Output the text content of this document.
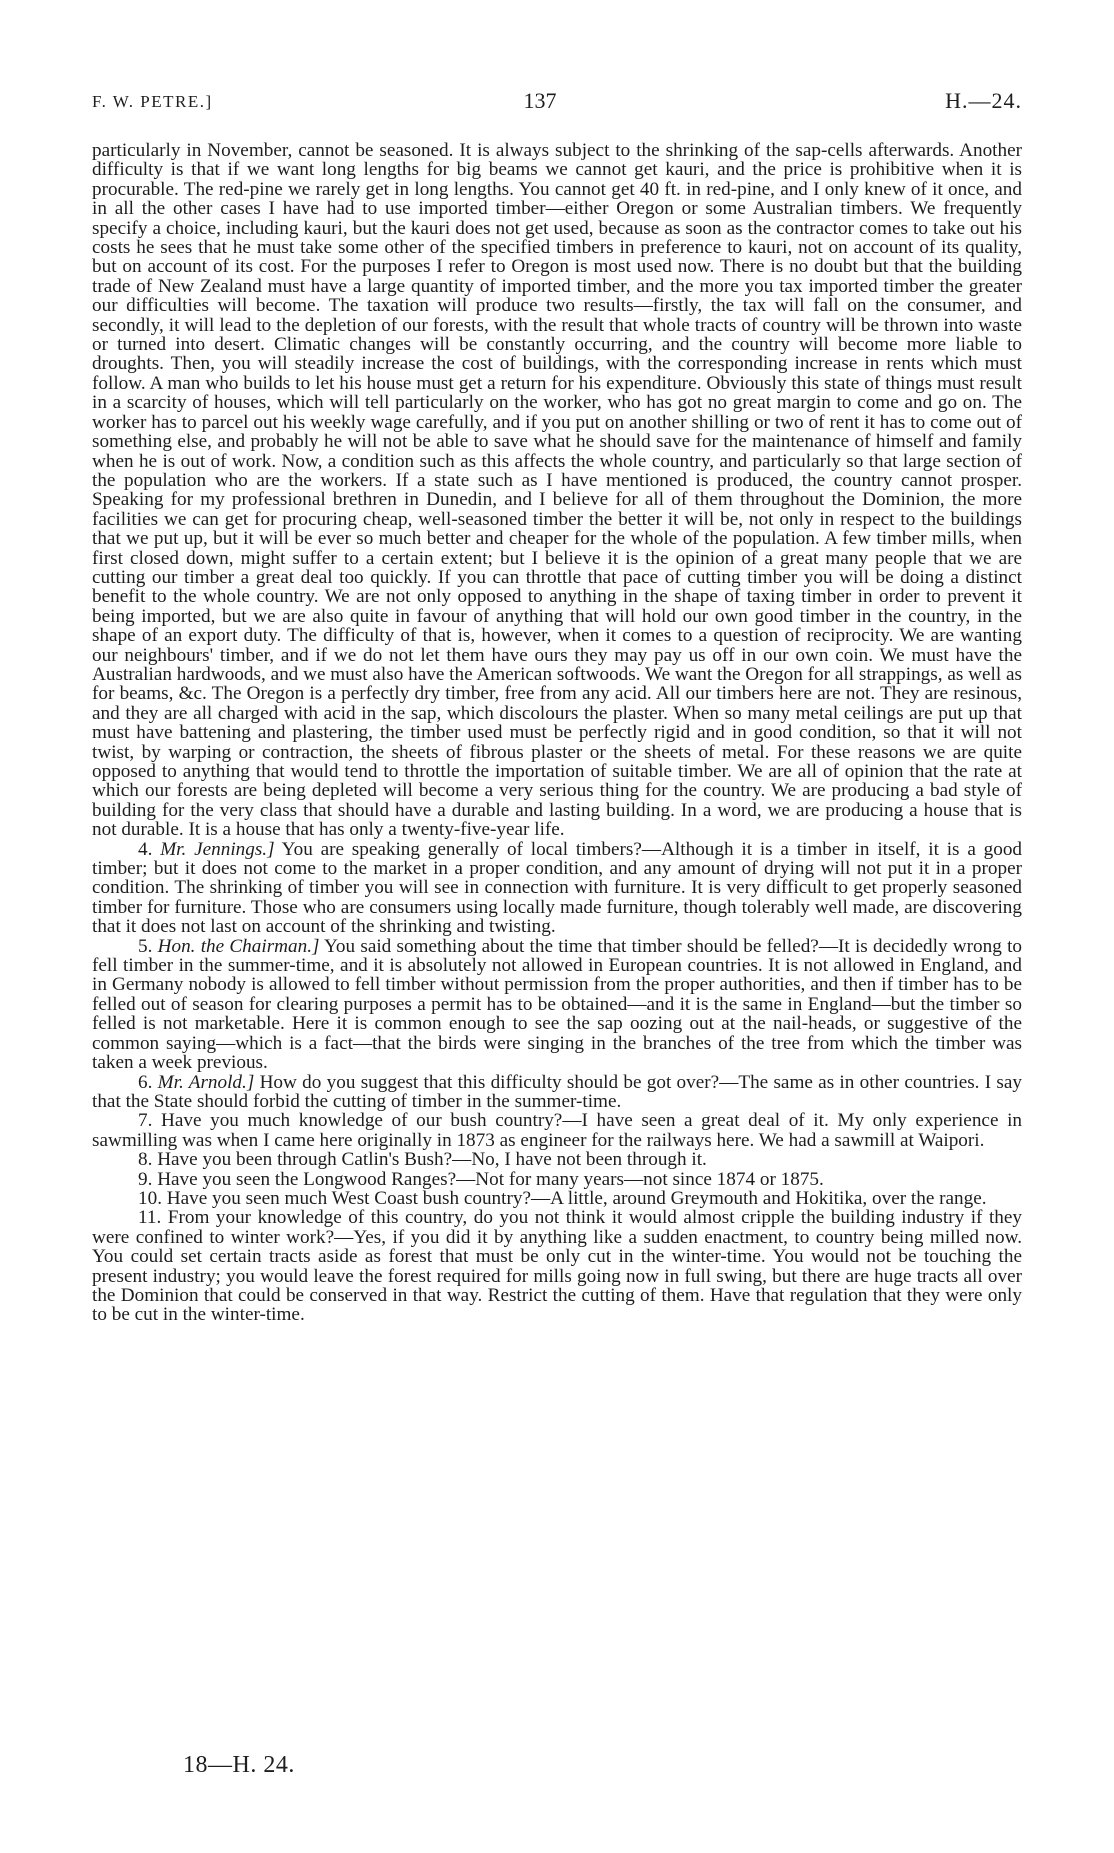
F. W. PETRE.]	137	H.—24.

particularly in November, cannot be seasoned. It is always subject to the shrinking of the sap-cells afterwards. Another difficulty is that if we want long lengths for big beams we cannot get kauri, and the price is prohibitive when it is procurable. The red-pine we rarely get in long lengths. You cannot get 40 ft. in red-pine, and I only knew of it once, and in all the other cases I have had to use imported timber—either Oregon or some Australian timbers. We frequently specify a choice, including kauri, but the kauri does not get used, because as soon as the contractor comes to take out his costs he sees that he must take some other of the specified timbers in preference to kauri, not on account of its quality, but on account of its cost. For the purposes I refer to Oregon is most used now. There is no doubt but that the building trade of New Zealand must have a large quantity of imported timber, and the more you tax imported timber the greater our difficulties will become. The taxation will produce two results—firstly, the tax will fall on the consumer, and secondly, it will lead to the depletion of our forests, with the result that whole tracts of country will be thrown into waste or turned into desert. Climatic changes will be constantly occurring, and the country will become more liable to droughts. Then, you will steadily increase the cost of buildings, with the corresponding increase in rents which must follow. A man who builds to let his house must get a return for his expenditure. Obviously this state of things must result in a scarcity of houses, which will tell particularly on the worker, who has got no great margin to come and go on. The worker has to parcel out his weekly wage carefully, and if you put on another shilling or two of rent it has to come out of something else, and probably he will not be able to save what he should save for the maintenance of himself and family when he is out of work. Now, a condition such as this affects the whole country, and particularly so that large section of the population who are the workers. If a state such as I have mentioned is produced, the country cannot prosper. Speaking for my professional brethren in Dunedin, and I believe for all of them throughout the Dominion, the more facilities we can get for procuring cheap, well-seasoned timber the better it will be, not only in respect to the buildings that we put up, but it will be ever so much better and cheaper for the whole of the population. A few timber mills, when first closed down, might suffer to a certain extent; but I believe it is the opinion of a great many people that we are cutting our timber a great deal too quickly. If you can throttle that pace of cutting timber you will be doing a distinct benefit to the whole country. We are not only opposed to anything in the shape of taxing timber in order to prevent it being imported, but we are also quite in favour of anything that will hold our own good timber in the country, in the shape of an export duty. The difficulty of that is, however, when it comes to a question of reciprocity. We are wanting our neighbours' timber, and if we do not let them have ours they may pay us off in our own coin. We must have the Australian hardwoods, and we must also have the American softwoods. We want the Oregon for all strappings, as well as for beams, &c. The Oregon is a perfectly dry timber, free from any acid. All our timbers here are not. They are resinous, and they are all charged with acid in the sap, which discolours the plaster. When so many metal ceilings are put up that must have battening and plastering, the timber used must be perfectly rigid and in good condition, so that it will not twist, by warping or contraction, the sheets of fibrous plaster or the sheets of metal. For these reasons we are quite opposed to anything that would tend to throttle the importation of suitable timber. We are all of opinion that the rate at which our forests are being depleted will become a very serious thing for the country. We are producing a bad style of building for the very class that should have a durable and lasting building. In a word, we are producing a house that is not durable. It is a house that has only a twenty-five-year life.

4. Mr. Jennings.] You are speaking generally of local timbers?—Although it is a timber in itself, it is a good timber; but it does not come to the market in a proper condition, and any amount of drying will not put it in a proper condition. The shrinking of timber you will see in connection with furniture. It is very difficult to get properly seasoned timber for furniture. Those who are consumers using locally made furniture, though tolerably well made, are discovering that it does not last on account of the shrinking and twisting.

5. Hon. the Chairman.] You said something about the time that timber should be felled?—It is decidedly wrong to fell timber in the summer-time, and it is absolutely not allowed in European countries. It is not allowed in England, and in Germany nobody is allowed to fell timber without permission from the proper authorities, and then if timber has to be felled out of season for clearing purposes a permit has to be obtained—and it is the same in England—but the timber so felled is not marketable. Here it is common enough to see the sap oozing out at the nail-heads, or suggestive of the common saying—which is a fact—that the birds were singing in the branches of the tree from which the timber was taken a week previous.

6. Mr. Arnold.] How do you suggest that this difficulty should be got over?—The same as in other countries. I say that the State should forbid the cutting of timber in the summer-time.

7. Have you much knowledge of our bush country?—I have seen a great deal of it. My only experience in sawmilling was when I came here originally in 1873 as engineer for the railways here. We had a sawmill at Waipori.

8. Have you been through Catlin's Bush?—No, I have not been through it.

9. Have you seen the Longwood Ranges?—Not for many years—not since 1874 or 1875.

10. Have you seen much West Coast bush country?—A little, around Greymouth and Hokitika, over the range.

11. From your knowledge of this country, do you not think it would almost cripple the building industry if they were confined to winter work?—Yes, if you did it by anything like a sudden enactment, to country being milled now. You could set certain tracts aside as forest that must be only cut in the winter-time. You would not be touching the present industry; you would leave the forest required for mills going now in full swing, but there are huge tracts all over the Dominion that could be conserved in that way. Restrict the cutting of them. Have that regulation that they were only to be cut in the winter-time.

18—H. 24.
